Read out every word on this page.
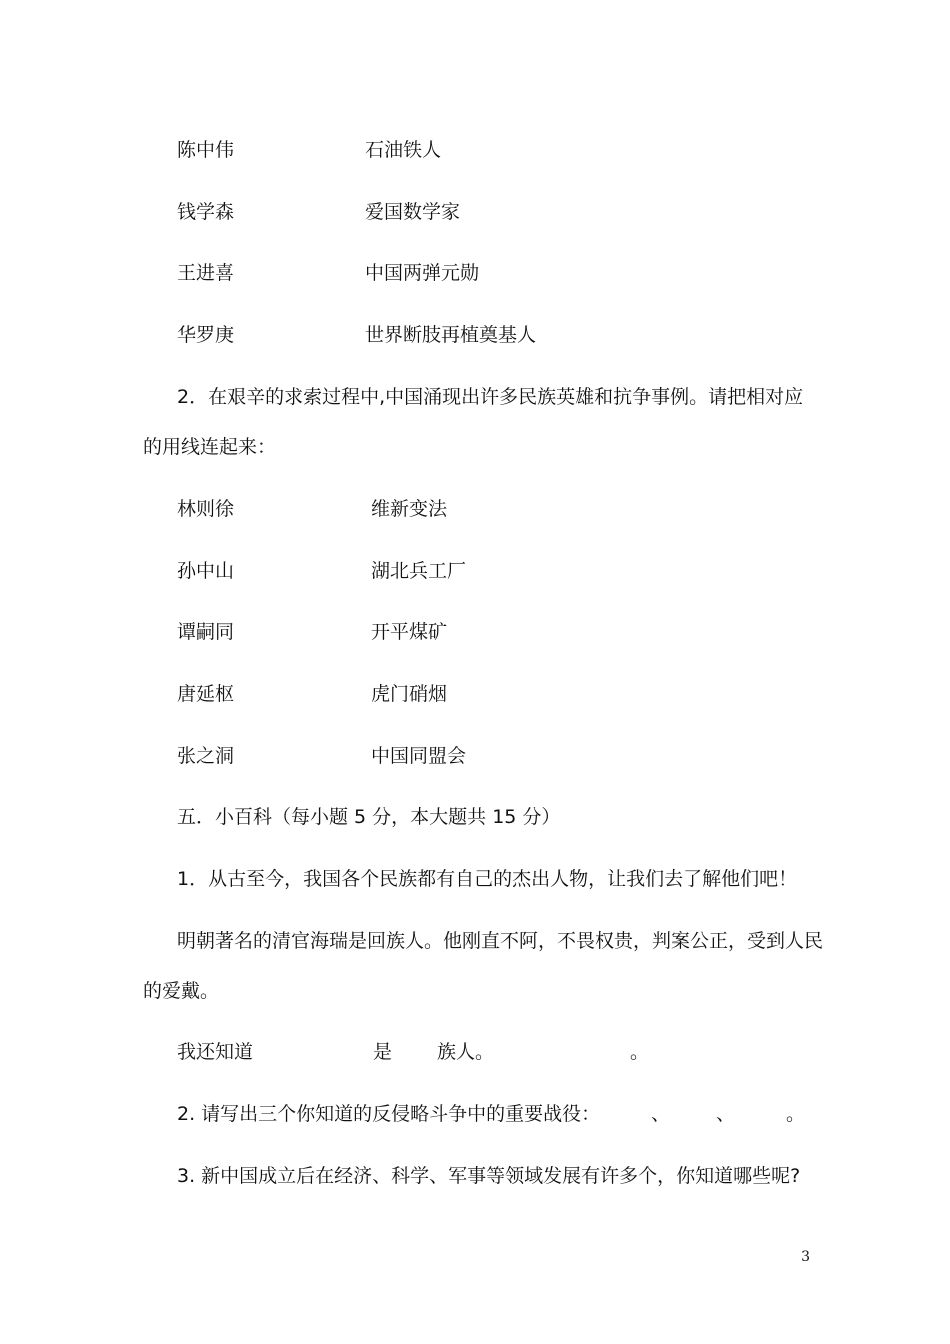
陈中伟	石油铁人
钱学森	爱国数学家
王进喜	中国两弹元勋
华罗庚	世界断肢再植奠基人
2．在艰辛的求索过程中,中国涌现出许多民族英雄和抗争事例。请把相对应
的用线连起来：
林则徐	维新变法
孙中山	湖北兵工厂
谭嗣同	开平煤矿
唐延枢	虎门硝烟
张之洞	中国同盟会
五．小百科（每小题 5 分，本大题共 15 分）
1．从古至今，我国各个民族都有自己的杰出人物，让我们去了解他们吧！
明朝著名的清官海瑞是回族人。他刚直不阿，不畏权贵，判案公正，受到人民
的爱戴。
我还知道	是 族人。	。
2. 请写出三个你知道的反侵略斗争中的重要战役：	、 、	。
3. 新中国成立后在经济、科学、军事等领域发展有许多个，你知道哪些呢?
3
